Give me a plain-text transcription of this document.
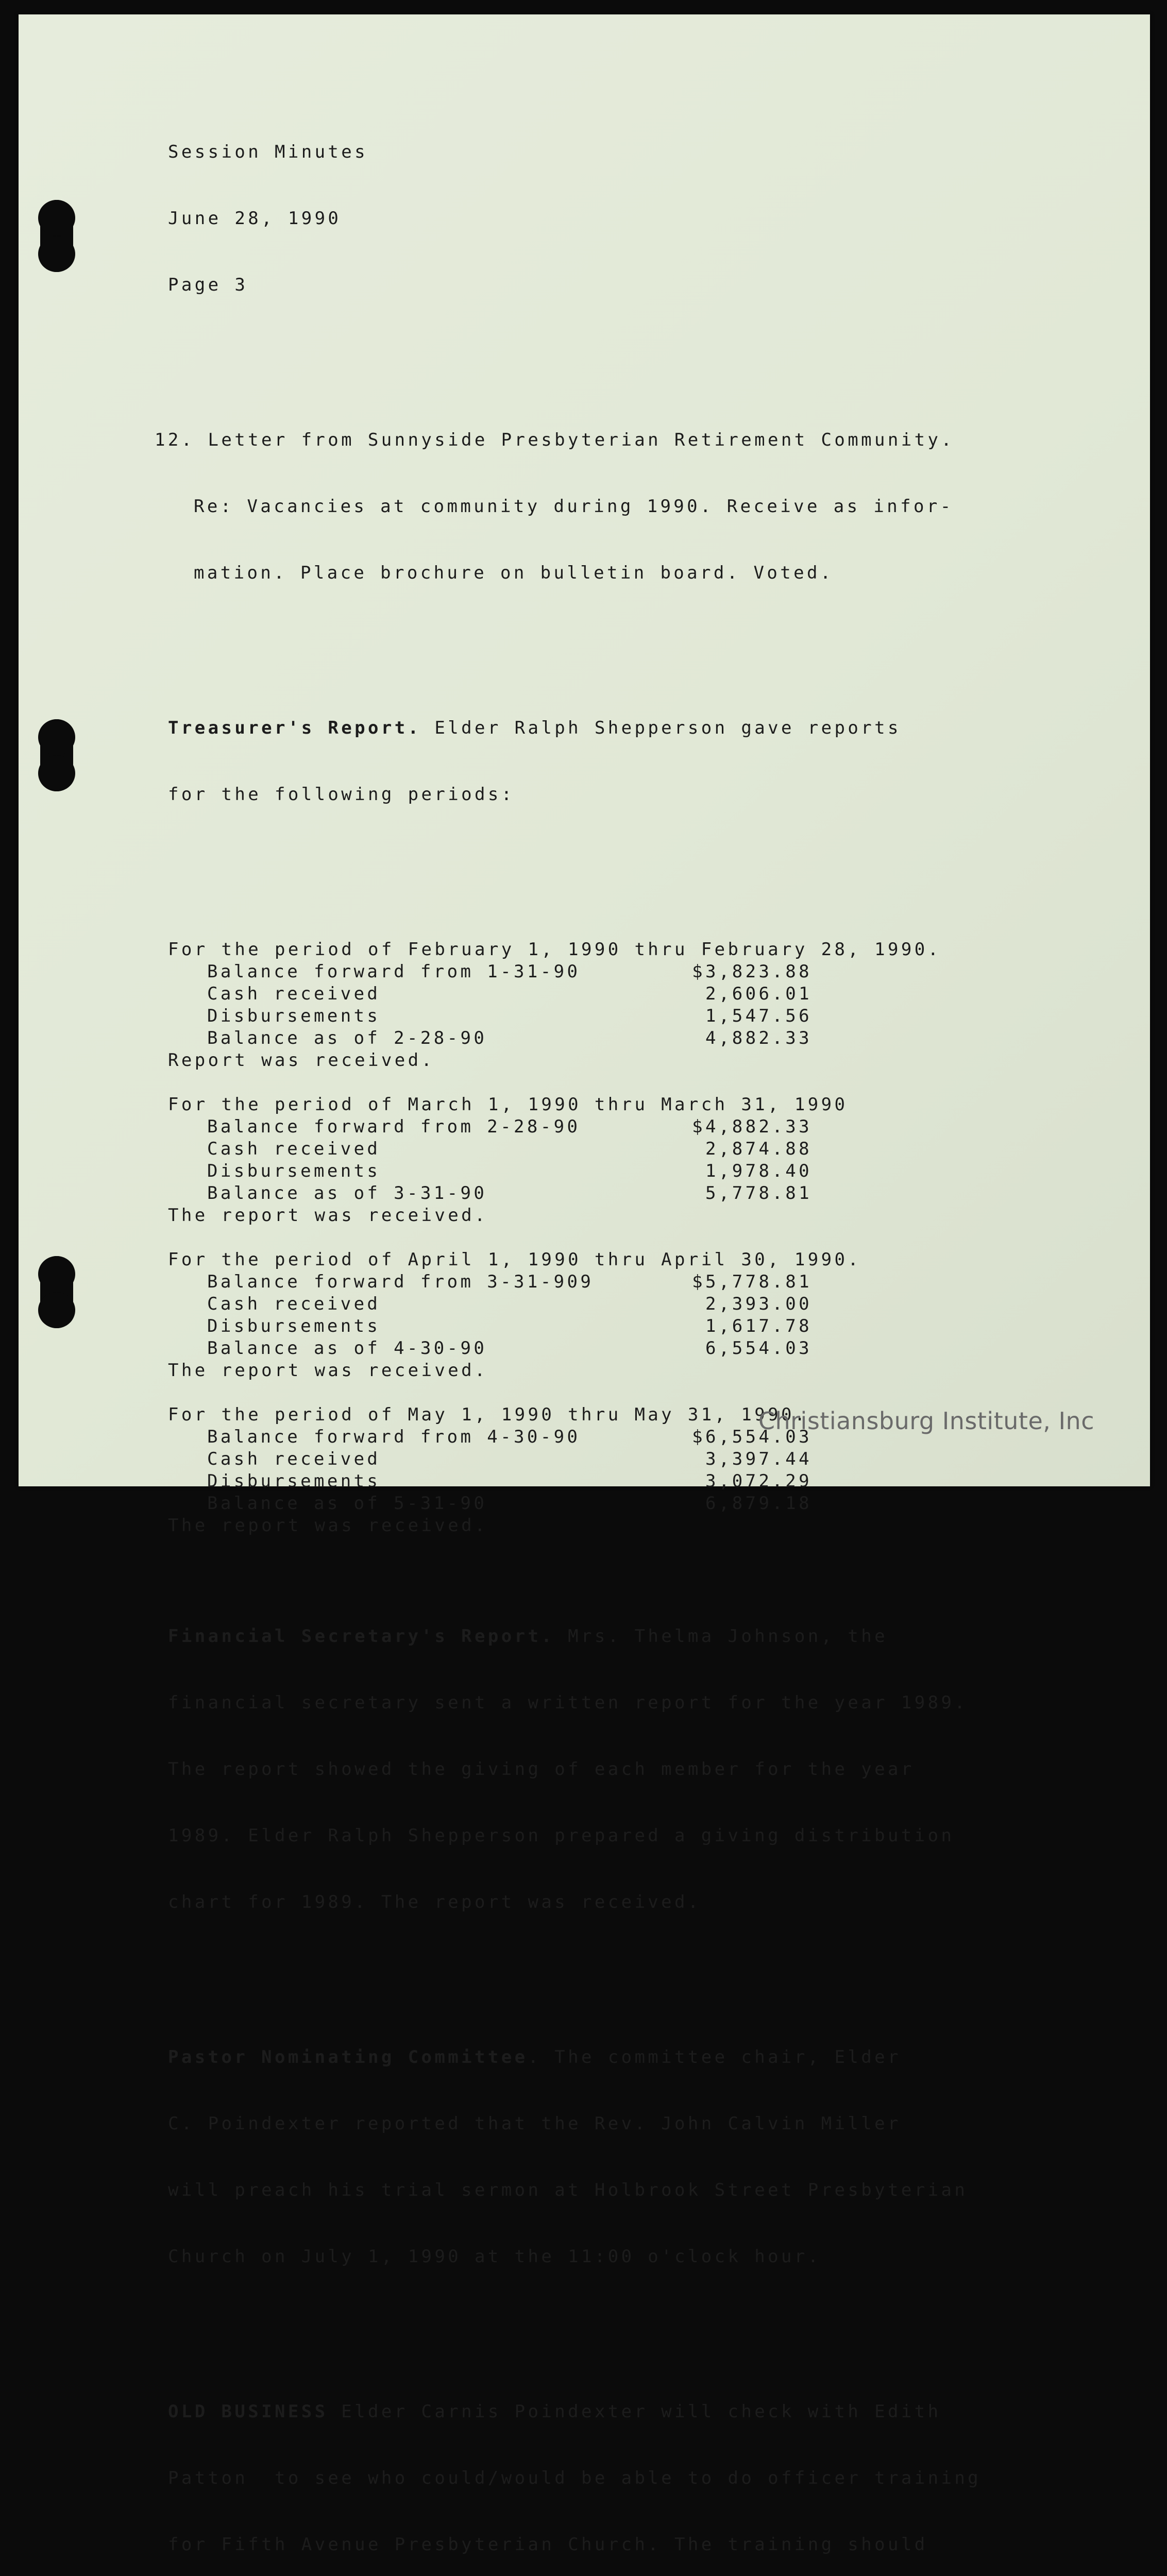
Session Minutes

June 28, 1990

Page 3

12. Letter from Sunnyside Presbyterian Retirement Community.

Re: Vacancies at community during 1990. Receive as infor-

mation. Place brochure on bulletin board. Voted.

Treasurer's Report. Elder Ralph Shepperson gave reports

for the following periods:

For the period of February 1, 1990 thru February 28, 1990.
Balance forward from 1-31-90	$3,823.88
Cash received	2,606.01
Disbursements	1,547.56
Balance as of 2-28-90	4,882.33
Report was received.
For the period of March 1, 1990 thru March 31, 1990
Balance forward from 2-28-90	$4,882.33
Cash received	2,874.88
Disbursements	1,978.40
Balance as of 3-31-90	5,778.81
The report was received.
For the period of April 1, 1990 thru April 30, 1990.
Balance forward from 3-31-909	$5,778.81
Cash received	2,393.00
Disbursements	1,617.78
Balance as of 4-30-90	6,554.03
The report was received.
For the period of May 1, 1990 thru May 31, 1990.
Balance forward from 4-30-90	$6,554.03
Cash received	3,397.44
Disbursements	3,072.29
Balance as of 5-31-90	6,879.18
The report was received.

Financial Secretary's Report. Mrs. Thelma Johnson, the

financial secretary sent a written report for the year 1989.

The report showed the giving of each member for the year

1989. Elder Ralph Shepperson prepared a giving distribution

chart for 1989. The report was received.

Pastor Nominating Committee. The committee chair, Elder

C. Poindexter reported that the Rev. John Calvin Miller

will preach his trial sermon at Holbrook Street Presbyterian

Church on July 1, 1990 at the 11:00 o'clock hour.

OLD BUSINESS Elder Carnis Poindexter will check with Edith

Patton  to see who could/would be able to do officer training

for Fifth Avenue Presbyterian Church. The training should

Christiansburg Institute, Inc
